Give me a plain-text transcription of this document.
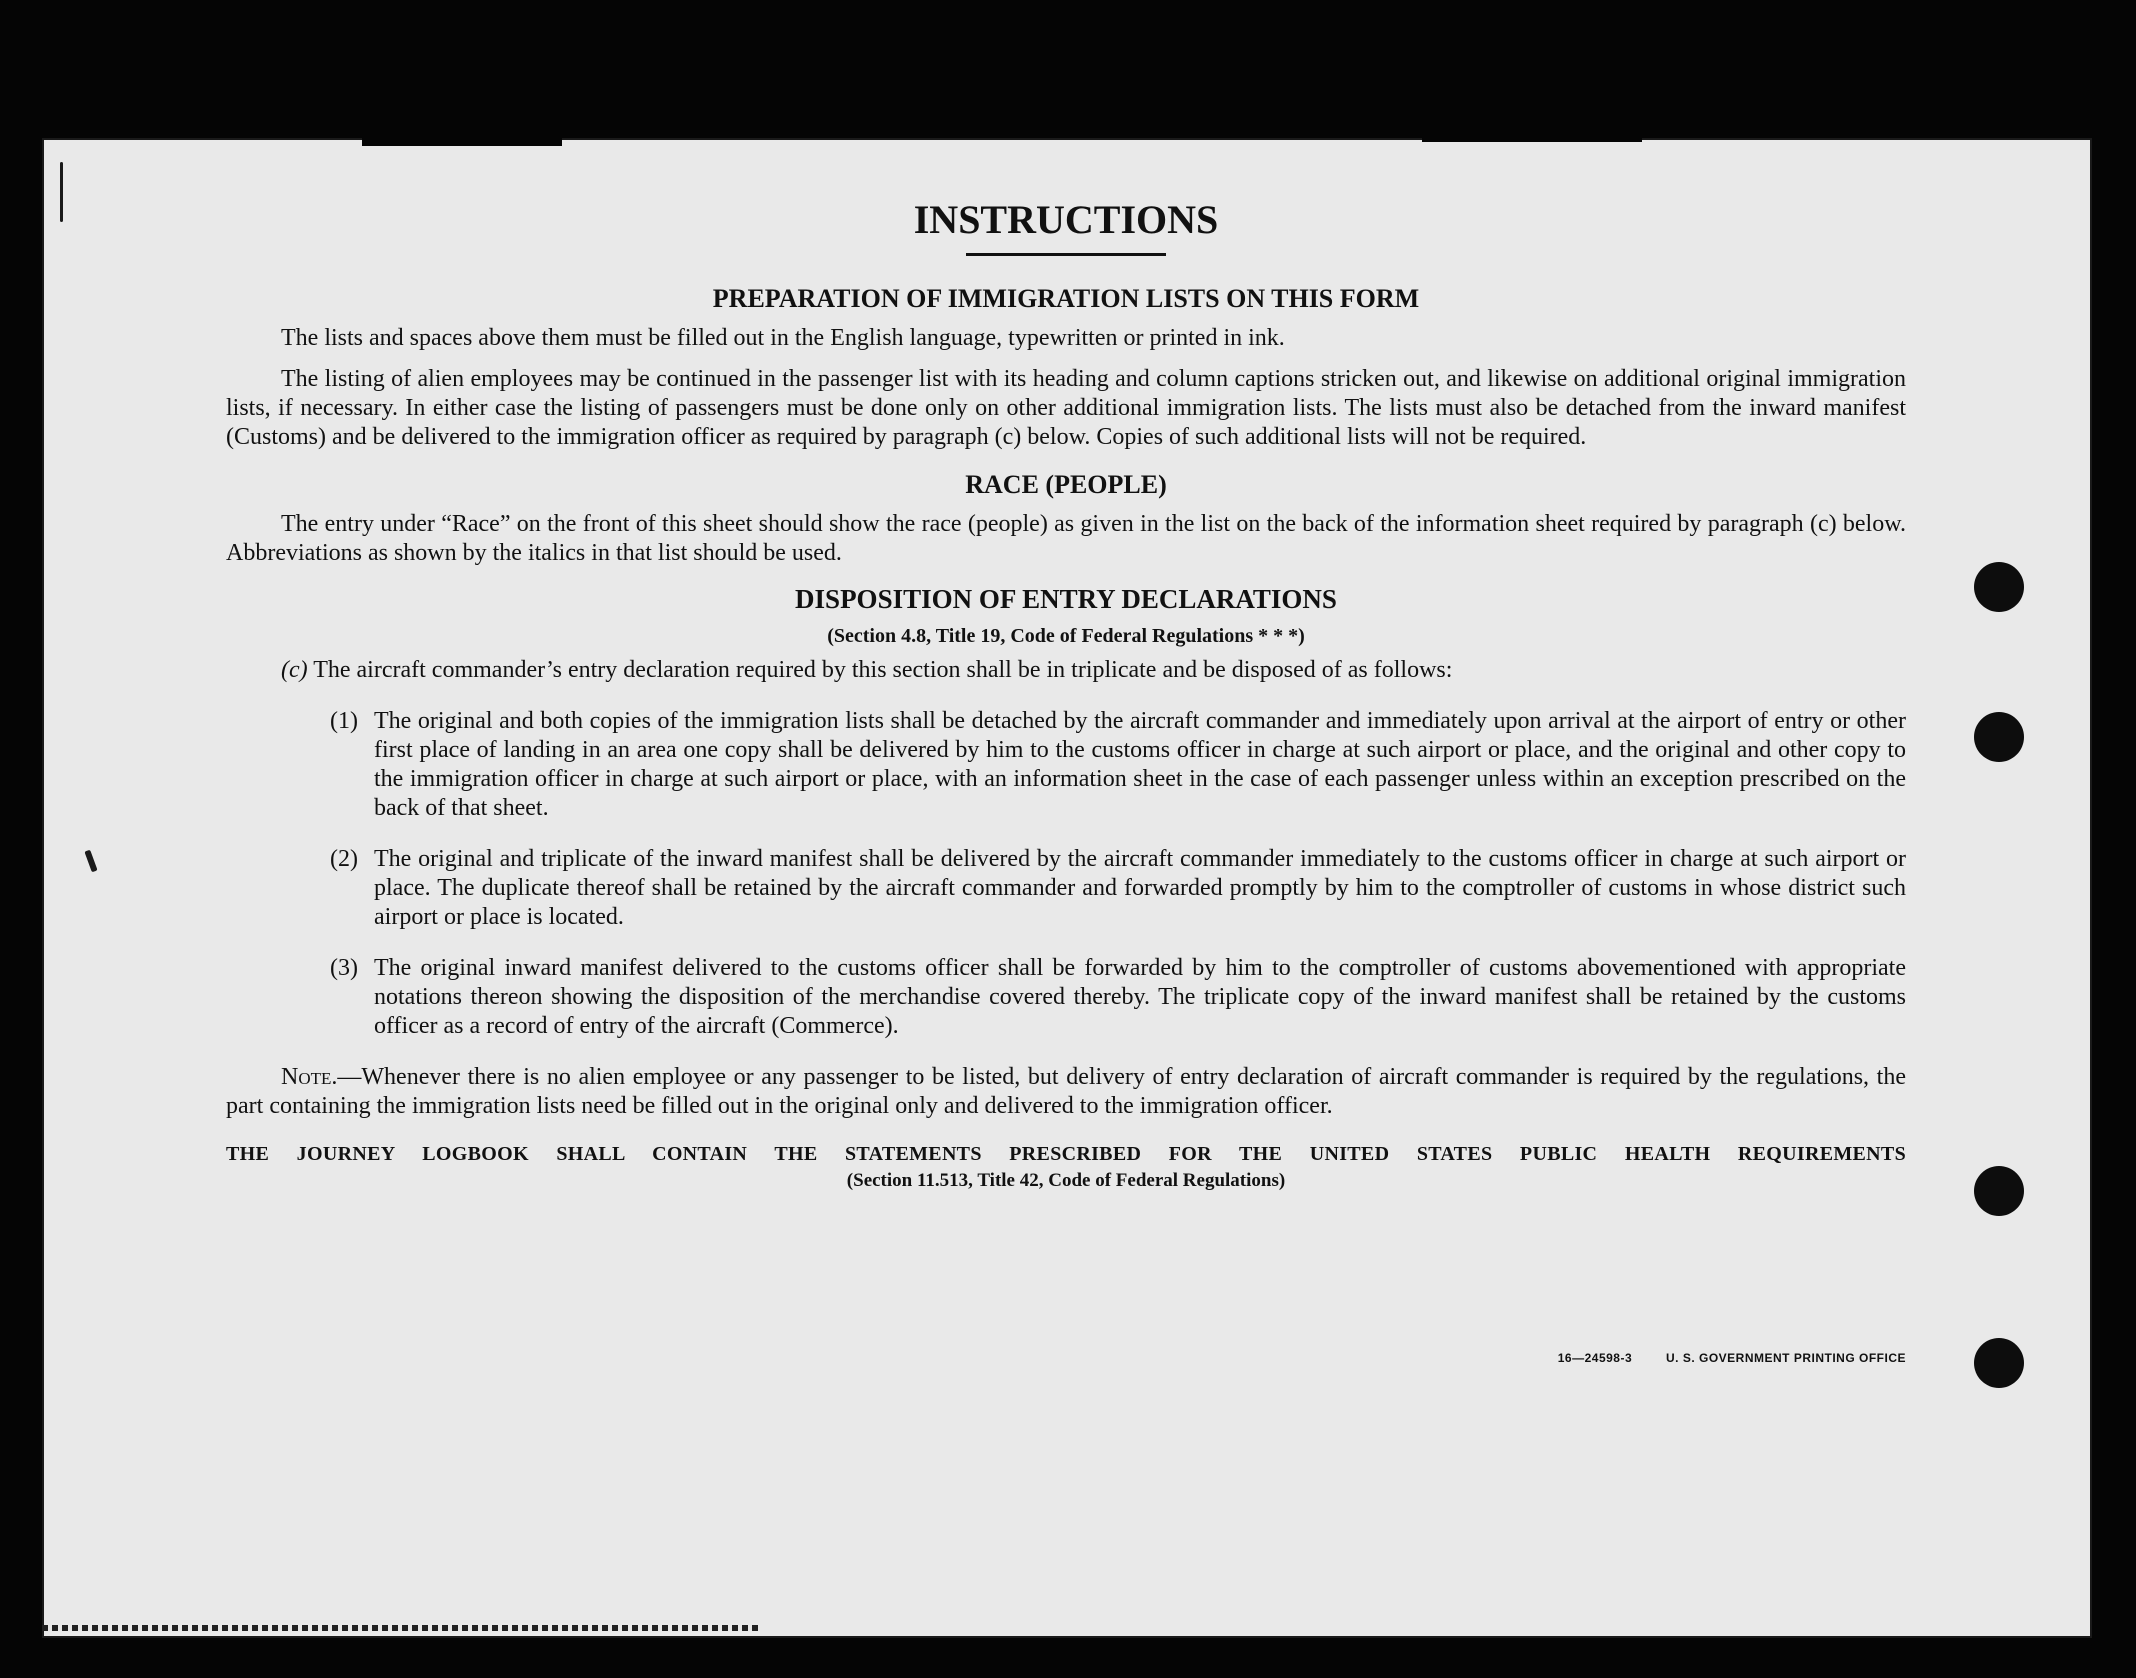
INSTRUCTIONS
PREPARATION OF IMMIGRATION LISTS ON THIS FORM

The lists and spaces above them must be filled out in the English language, typewritten or printed in ink.

The listing of alien employees may be continued in the passenger list with its heading and column captions stricken out, and likewise on additional original immigration lists, if necessary. In either case the listing of passengers must be done only on other additional immigration lists. The lists must also be detached from the inward manifest (Customs) and be delivered to the immigration officer as required by paragraph (c) below. Copies of such additional lists will not be required.

RACE (PEOPLE)

The entry under “Race” on the front of this sheet should show the race (people) as given in the list on the back of the information sheet required by paragraph (c) below. Abbreviations as shown by the italics in that list should be used.

DISPOSITION OF ENTRY DECLARATIONS
(Section 4.8, Title 19, Code of Federal Regulations * * *)
(c) The aircraft commander’s entry declaration required by this section shall be in triplicate and be disposed of as follows:
(1) The original and both copies of the immigration lists shall be detached by the aircraft commander and immediately upon arrival at the airport of entry or other first place of landing in an area one copy shall be delivered by him to the customs officer in charge at such airport or place, and the original and other copy to the immigration officer in charge at such airport or place, with an information sheet in the case of each passenger unless within an exception prescribed on the back of that sheet.
(2) The original and triplicate of the inward manifest shall be delivered by the aircraft commander immediately to the customs officer in charge at such airport or place. The duplicate thereof shall be retained by the aircraft commander and forwarded promptly by him to the comptroller of customs in whose district such airport or place is located.
(3) The original inward manifest delivered to the customs officer shall be forwarded by him to the comptroller of customs abovementioned with appropriate notations thereon showing the disposition of the merchandise covered thereby. The triplicate copy of the inward manifest shall be retained by the customs officer as a record of entry of the aircraft (Commerce).

Note.—Whenever there is no alien employee or any passenger to be listed, but delivery of entry declaration of aircraft commander is required by the regulations, the part containing the immigration lists need be filled out in the original only and delivered to the immigration officer.

THE JOURNEY LOGBOOK SHALL CONTAIN THE STATEMENTS PRESCRIBED FOR THE UNITED STATES PUBLIC HEALTH REQUIREMENTS
(Section 11.513, Title 42, Code of Federal Regulations)
16—24598-3	U. S. GOVERNMENT PRINTING OFFICE
